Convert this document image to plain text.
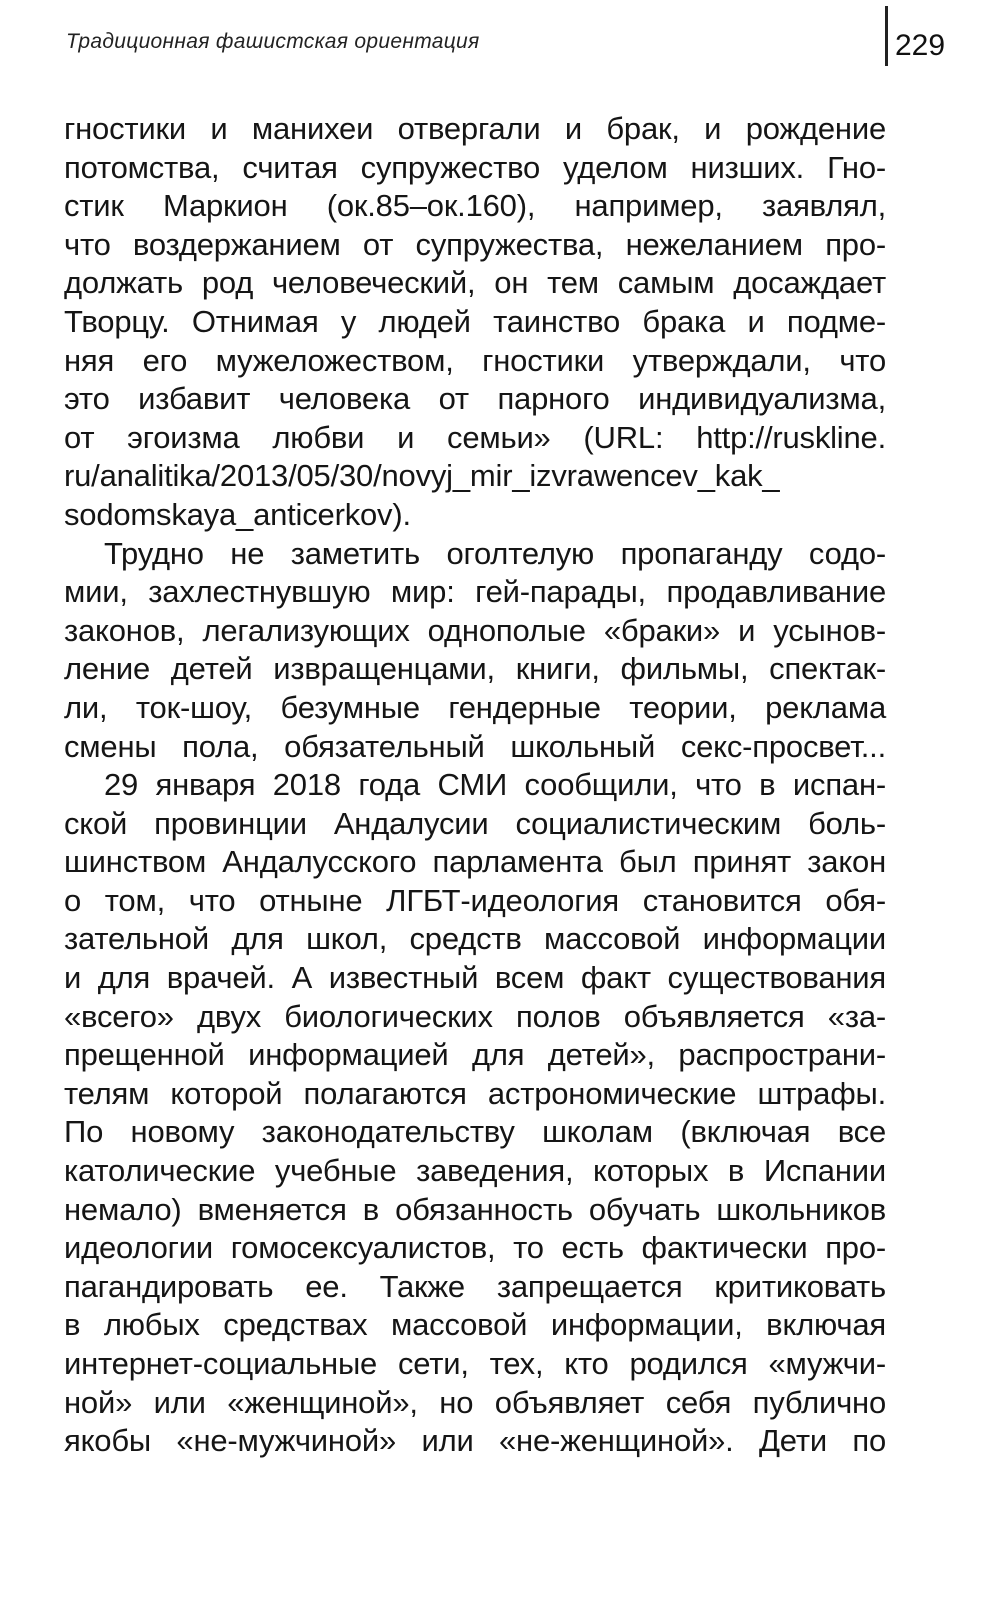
Традиционная фашистская ориентация	229
гностики и манихеи отвергали и брак, и рождение
потомства, считая супружество уделом низших. Гно-
стик Маркион (ок.85–ок.160), например, заявлял,
что воздержанием от супружества, нежеланием про-
должать род человеческий, он тем самым досаждает
Творцу. Отнимая у людей таинство брака и подме-
няя его мужеложеством, гностики утверждали, что
это избавит человека от парного индивидуализма,
от эгоизма любви и семьи» (URL: http://ruskline.
ru/analitika/2013/05/30/novyj_mir_izvrawencev_kak_
sodomskaya_anticerkov).
Трудно не заметить оголтелую пропаганду содо-
мии, захлестнувшую мир: гей-парады, продавливание
законов, легализующих однополые «браки» и усынов-
ление детей извращенцами, книги, фильмы, спектак-
ли, ток-шоу, безумные гендерные теории, реклама
смены пола, обязательный школьный секс-просвет...
29 января 2018 года СМИ сообщили, что в испан-
ской провинции Андалусии социалистическим боль-
шинством Андалусского парламента был принят закон
о том, что отныне ЛГБТ-идеология становится обя-
зательной для школ, средств массовой информации
и для врачей. А известный всем факт существования
«всего» двух биологических полов объявляется «за-
прещенной информацией для детей», распространи-
телям которой полагаются астрономические штрафы.
По новому законодательству школам (включая все
католические учебные заведения, которых в Испании
немало) вменяется в обязанность обучать школьников
идеологии гомосексуалистов, то есть фактически про-
пагандировать ее. Также запрещается критиковать
в любых средствах массовой информации, включая
интернет-социальные сети, тех, кто родился «мужчи-
ной» или «женщиной», но объявляет себя публично
якобы «не-мужчиной» или «не-женщиной». Дети по
